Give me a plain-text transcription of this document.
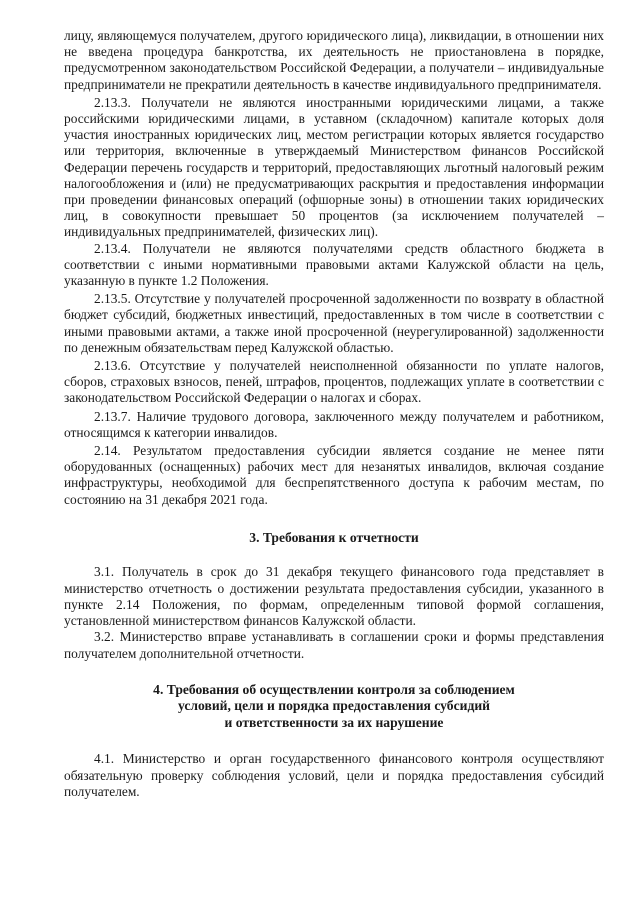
лицу, являющемуся получателем, другого юридического лица), ликвидации, в отношении них не введена процедура банкротства, их деятельность не приостановлена в порядке, предусмотренном законодательством Российской Федерации, а получатели – индивидуальные предприниматели не прекратили деятельность в качестве индивидуального предпринимателя.

2.13.3. Получатели не являются иностранными юридическими лицами, а также российскими юридическими лицами, в уставном (складочном) капитале которых доля участия иностранных юридических лиц, местом регистрации которых является государство или территория, включенные в утверждаемый Министерством финансов Российской Федерации перечень государств и территорий, предоставляющих льготный налоговый режим налогообложения и (или) не предусматривающих раскрытия и предоставления информации при проведении финансовых операций (офшорные зоны) в отношении таких юридических лиц, в совокупности превышает 50 процентов (за исключением получателей – индивидуальных предпринимателей, физических лиц).

2.13.4. Получатели не являются получателями средств областного бюджета в соответствии с иными нормативными правовыми актами Калужской области на цель, указанную в пункте 1.2 Положения.

2.13.5. Отсутствие у получателей просроченной задолженности по возврату в областной бюджет субсидий, бюджетных инвестиций, предоставленных в том числе в соответствии с иными правовыми актами, а также иной просроченной (неурегулированной) задолженности по денежным обязательствам перед Калужской областью.

2.13.6. Отсутствие у получателей неисполненной обязанности по уплате налогов, сборов, страховых взносов, пеней, штрафов, процентов, подлежащих уплате в соответствии с законодательством Российской Федерации о налогах и сборах.

2.13.7. Наличие трудового договора, заключенного между получателем и работником, относящимся к категории инвалидов.

2.14. Результатом предоставления субсидии является создание не менее пяти оборудованных (оснащенных) рабочих мест для незанятых инвалидов, включая создание инфраструктуры, необходимой для беспрепятственного доступа к рабочим местам, по состоянию на 31 декабря 2021 года.

3. Требования к отчетности

3.1. Получатель в срок до 31 декабря текущего финансового года представляет в министерство отчетность о достижении результата предоставления субсидии, указанного в пункте 2.14 Положения, по формам, определенным типовой формой соглашения, установленной министерством финансов Калужской области.

3.2. Министерство вправе устанавливать в соглашении сроки и формы представления получателем дополнительной отчетности.

4. Требования об осуществлении контроля за соблюдением

условий, цели и порядка предоставления субсидий

и ответственности за их нарушение

4.1. Министерство и орган государственного финансового контроля осуществляют обязательную проверку соблюдения условий, цели и порядка предоставления субсидий получателем.
